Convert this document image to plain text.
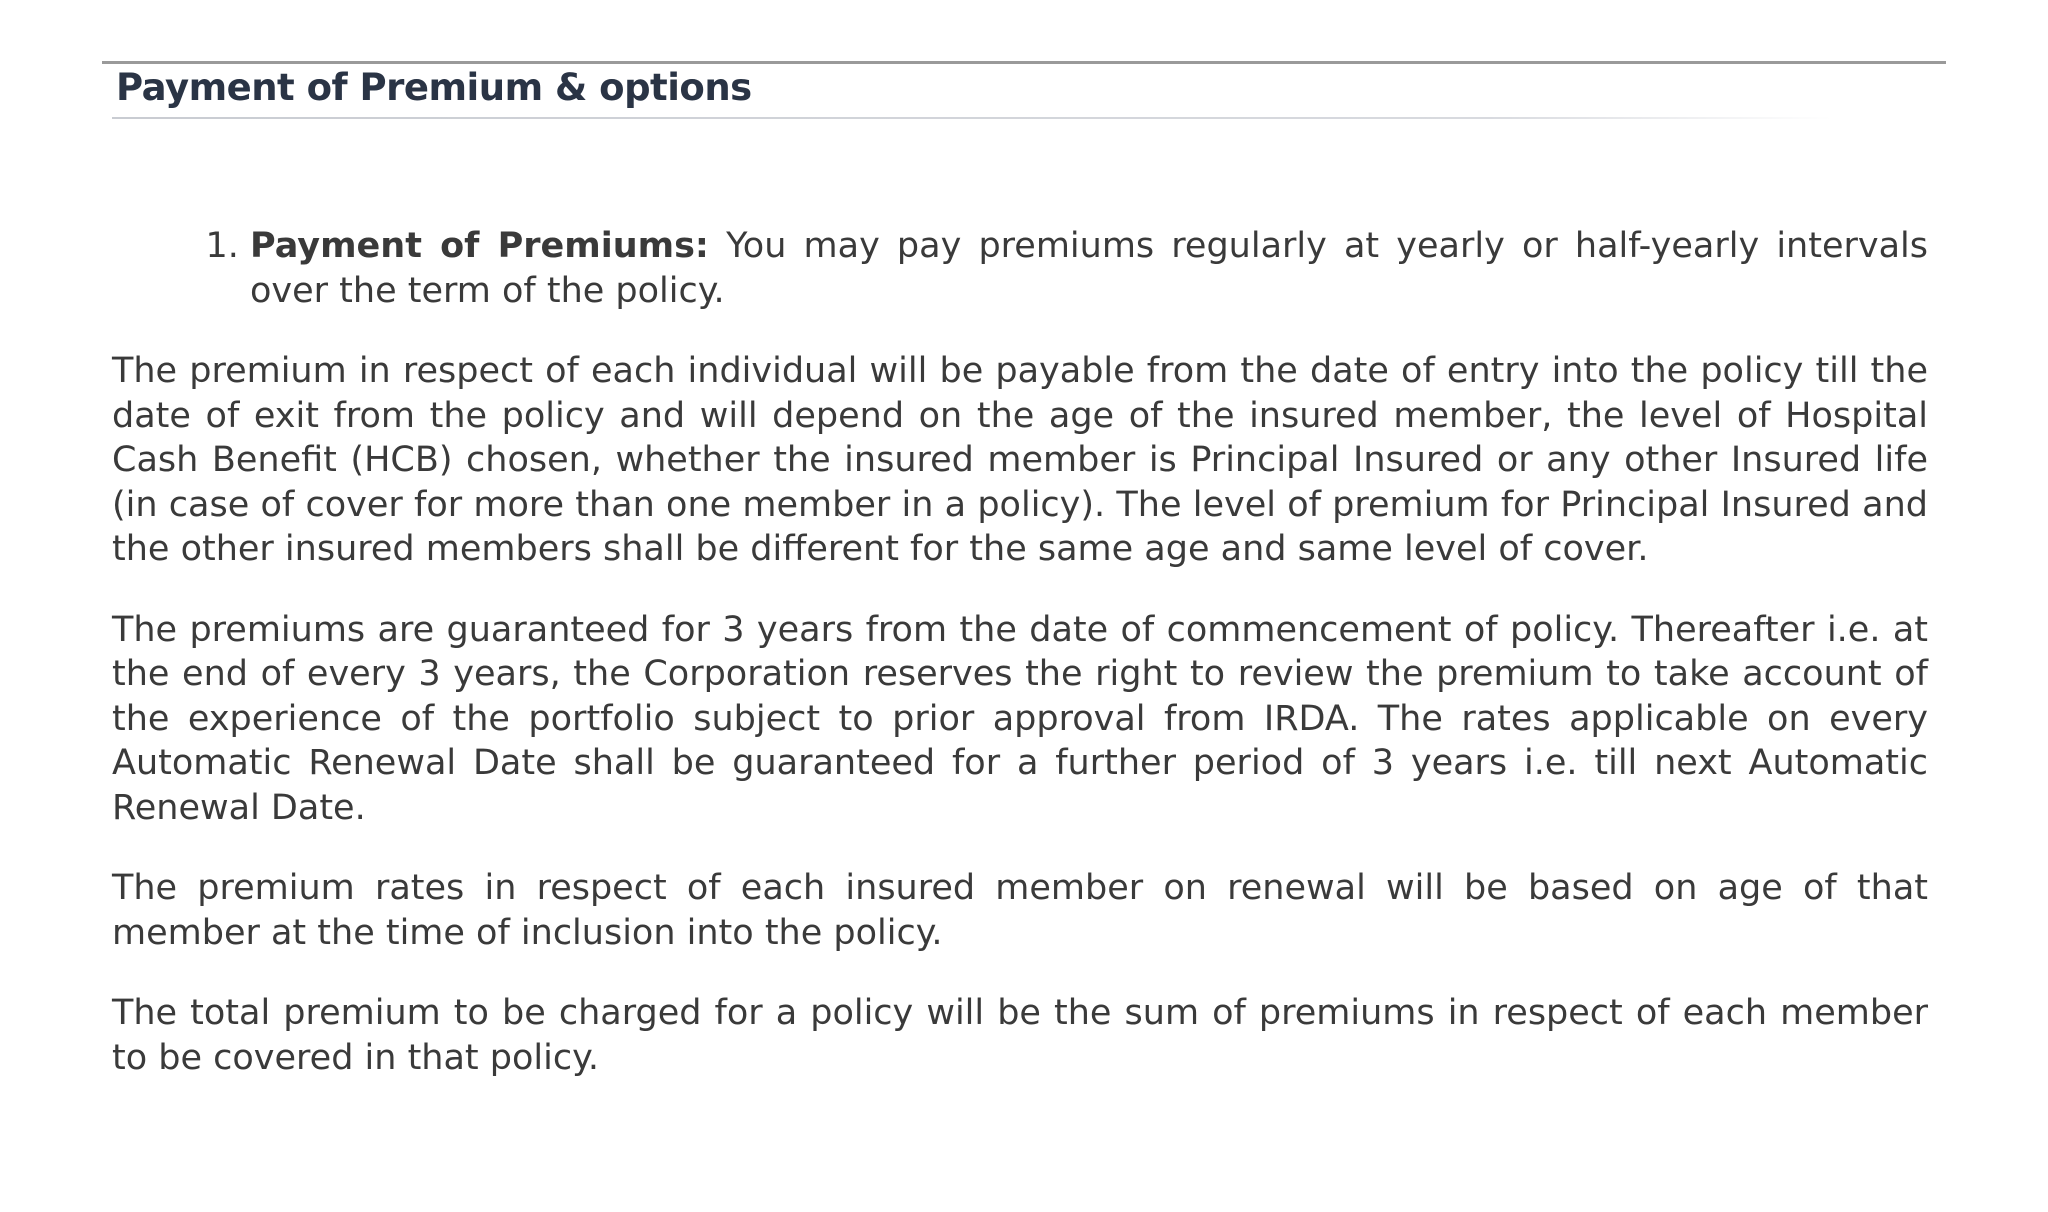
Payment of Premium & options
1. Payment of Premiums: You may pay premiums regularly at yearly or half-yearly intervals over the term of the policy.

The premium in respect of each individual will be payable from the date of entry into the policy till the date of exit from the policy and will depend on the age of the insured member, the level of Hospital Cash Benefit (HCB) chosen, whether the insured member is Principal Insured or any other Insured life (in case of cover for more than one member in a policy). The level of premium for Principal Insured and the other insured members shall be different for the same age and same level of cover.

The premiums are guaranteed for 3 years from the date of commencement of policy. Thereafter i.e. at the end of every 3 years, the Corporation reserves the right to review the premium to take account of the experience of the portfolio subject to prior approval from IRDA. The rates applicable on every Automatic Renewal Date shall be guaranteed for a further period of 3 years i.e. till next Automatic Renewal Date.

The premium rates in respect of each insured member on renewal will be based on age of that member at the time of inclusion into the policy.

The total premium to be charged for a policy will be the sum of premiums in respect of each member to be covered in that policy.
